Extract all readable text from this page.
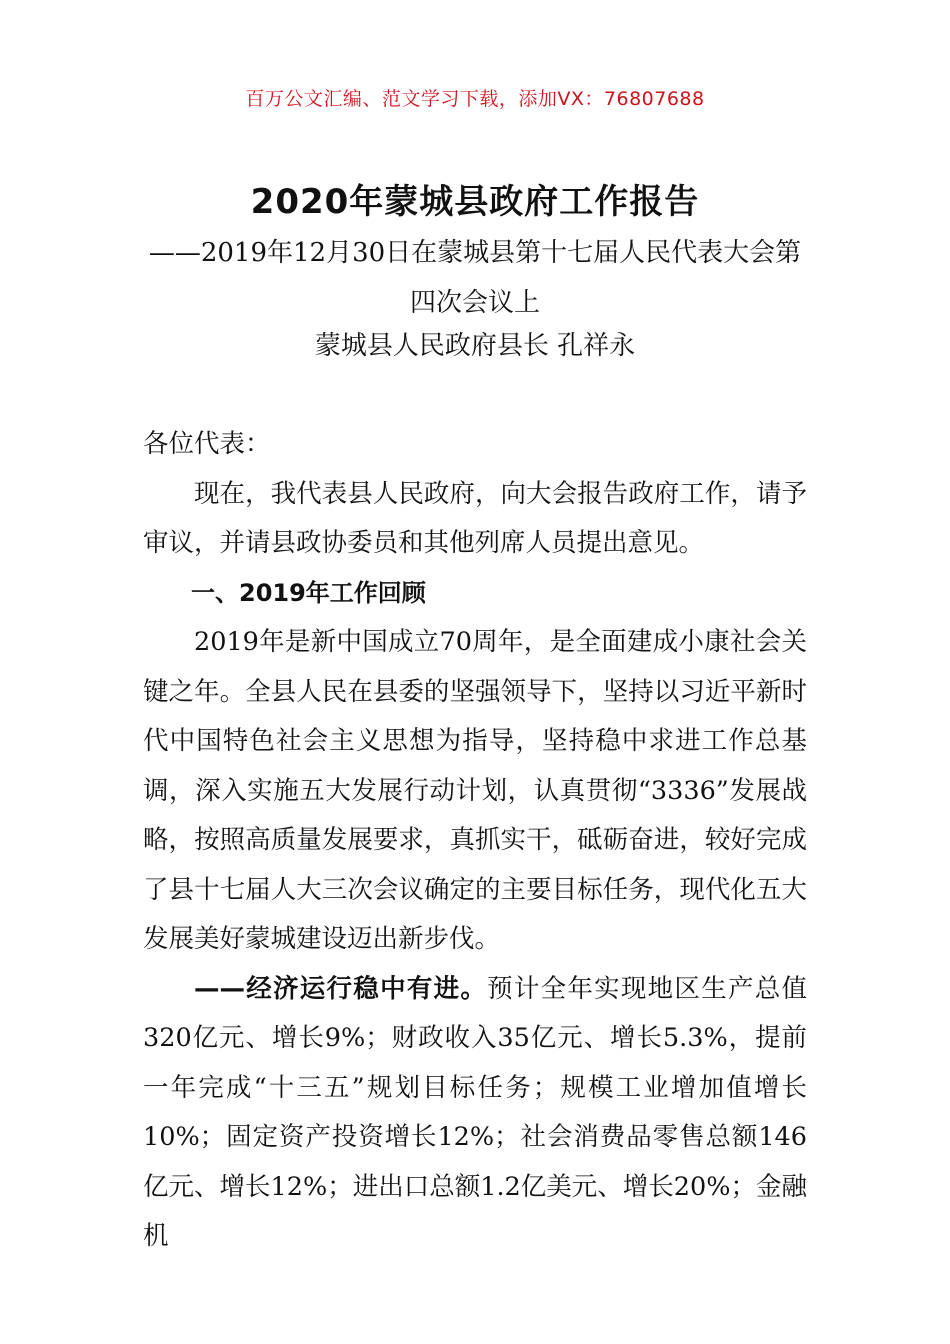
百万公文汇编、范文学习下载，添加VX：76807688
2020年蒙城县政府工作报告
——2019年12月30日在蒙城县第十七届人民代表大会第四次会议上
蒙城县人民政府县长 孔祥永

各位代表：

现在，我代表县人民政府，向大会报告政府工作，请予审议，并请县政协委员和其他列席人员提出意见。

一、2019年工作回顾

2019年是新中国成立70周年，是全面建成小康社会关键之年。全县人民在县委的坚强领导下，坚持以习近平新时代中国特色社会主义思想为指导，坚持稳中求进工作总基调，深入实施五大发展行动计划，认真贯彻“3336”发展战略，按照高质量发展要求，真抓实干，砥砺奋进，较好完成了县十七届人大三次会议确定的主要目标任务，现代化五大发展美好蒙城建设迈出新步伐。

——经济运行稳中有进。预计全年实现地区生产总值320亿元、增长9%；财政收入35亿元、增长5.3%，提前一年完成“十三五”规划目标任务；规模工业增加值增长10%；固定资产投资增长12%；社会消费品零售总额146亿元、增长12%；进出口总额1.2亿美元、增长20%；金融机
